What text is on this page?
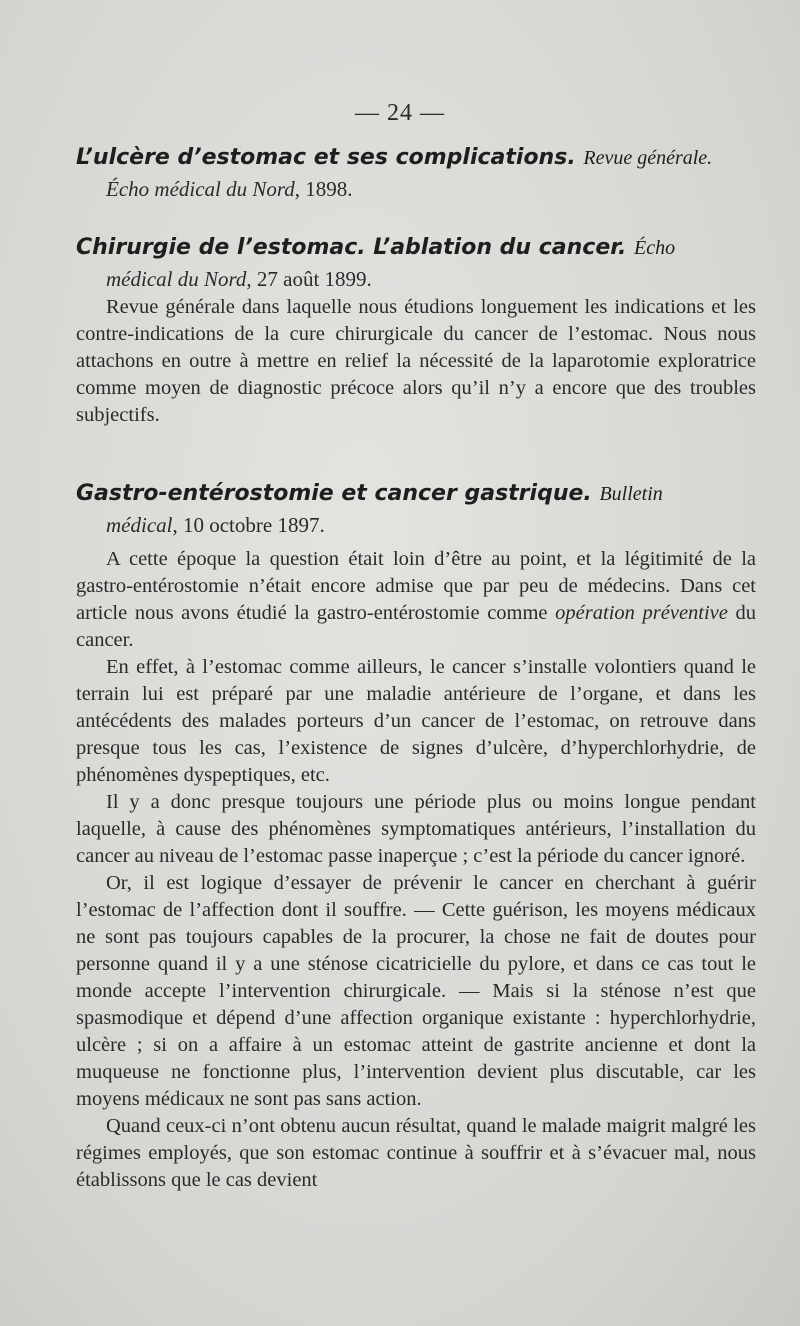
— 24 —
L’ulcère d’estomac et ses complications. Revue générale.

Écho médical du Nord, 1898.

Chirurgie de l’estomac. L’ablation du cancer. Écho

médical du Nord, 27 août 1899.

Revue générale dans laquelle nous étudions longuement les indications et les contre-indications de la cure chirurgicale du cancer de l’estomac. Nous nous attachons en outre à mettre en relief la nécessité de la laparotomie exploratrice comme moyen de diagnostic précoce alors qu’il n’y a encore que des troubles subjectifs.

Gastro-entérostomie et cancer gastrique. Bulletin

médical, 10 octobre 1897.

A cette époque la question était loin d’être au point, et la légitimité de la gastro-entérostomie n’était encore admise que par peu de médecins. Dans cet article nous avons étudié la gastro-entérostomie comme opération préventive du cancer.

En effet, à l’estomac comme ailleurs, le cancer s’installe volontiers quand le terrain lui est préparé par une maladie antérieure de l’organe, et dans les antécédents des malades porteurs d’un cancer de l’estomac, on retrouve dans presque tous les cas, l’existence de signes d’ulcère, d’hyperchlorhydrie, de phénomènes dyspeptiques, etc.

Il y a donc presque toujours une période plus ou moins longue pendant laquelle, à cause des phénomènes symptomatiques antérieurs, l’installation du cancer au niveau de l’estomac passe inaperçue ; c’est la période du cancer ignoré.

Or, il est logique d’essayer de prévenir le cancer en cherchant à guérir l’estomac de l’affection dont il souffre. — Cette guérison, les moyens médicaux ne sont pas toujours capables de la procurer, la chose ne fait de doutes pour personne quand il y a une sténose cicatricielle du pylore, et dans ce cas tout le monde accepte l’intervention chirurgicale. — Mais si la sténose n’est que spasmodique et dépend d’une affection organique existante : hyperchlorhydrie, ulcère ; si on a affaire à un estomac atteint de gastrite ancienne et dont la muqueuse ne fonctionne plus, l’intervention devient plus discutable, car les moyens médicaux ne sont pas sans action.

Quand ceux-ci n’ont obtenu aucun résultat, quand le malade maigrit malgré les régimes employés, que son estomac continue à souffrir et à s’évacuer mal, nous établissons que le cas devient
